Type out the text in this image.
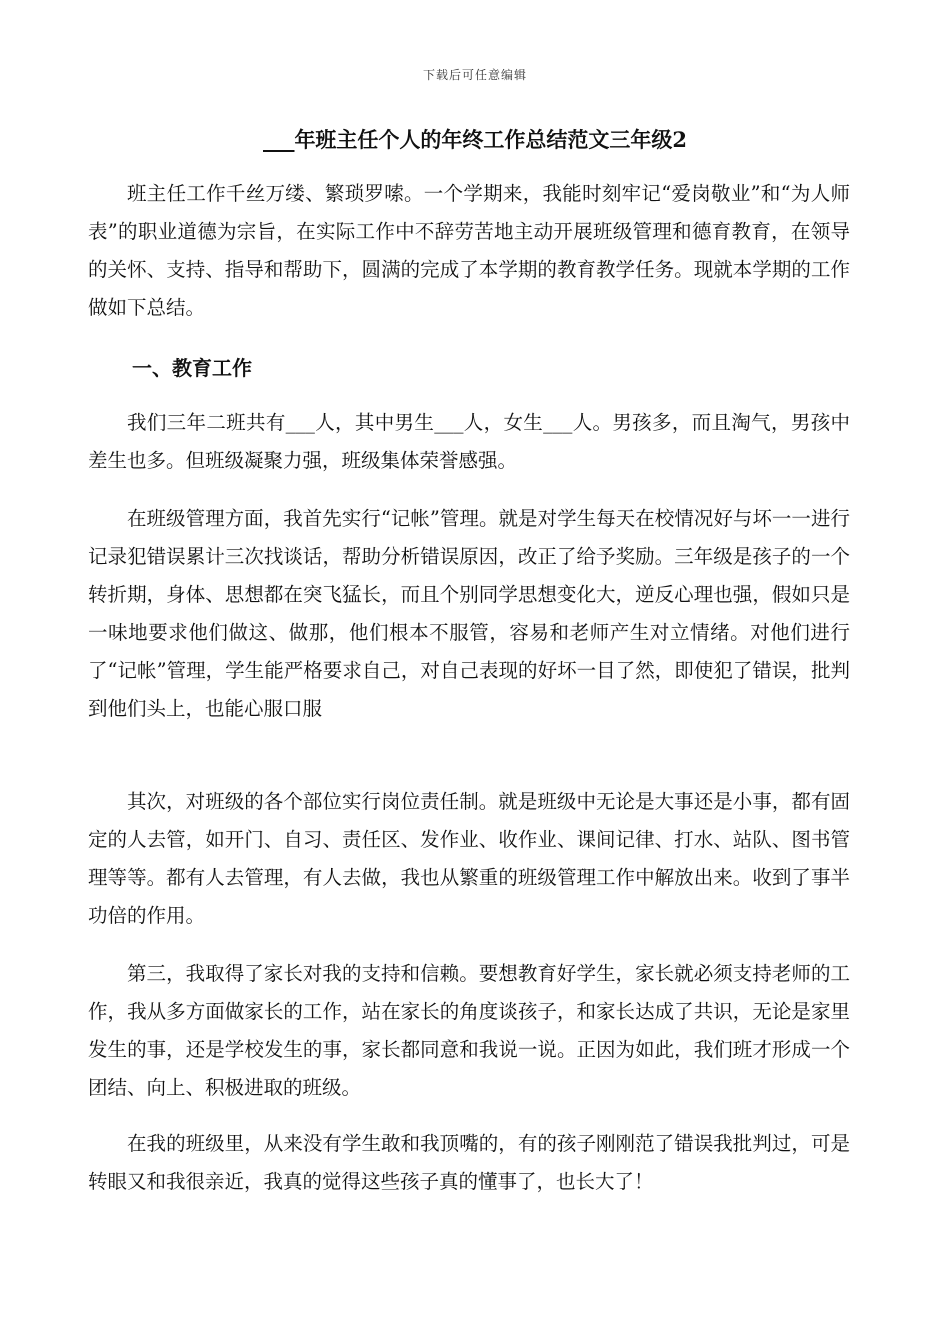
下载后可任意编辑
___年班主任个人的年终工作总结范文三年级2

班主任工作千丝万缕、繁琐罗嗦。一个学期来，我能时刻牢记“爱岗敬业”和“为人师表”的职业道德为宗旨，在实际工作中不辞劳苦地主动开展班级管理和德育教育，在领导的关怀、支持、指导和帮助下，圆满的完成了本学期的教育教学任务。现就本学期的工作做如下总结。

一、教育工作

我们三年二班共有___人，其中男生___人，女生___人。男孩多，而且淘气，男孩中差生也多。但班级凝聚力强，班级集体荣誉感强。

在班级管理方面，我首先实行“记帐”管理。就是对学生每天在校情况好与坏一一进行记录犯错误累计三次找谈话，帮助分析错误原因，改正了给予奖励。三年级是孩子的一个转折期，身体、思想都在突飞猛长，而且个别同学思想变化大，逆反心理也强，假如只是一味地要求他们做这、做那，他们根本不服管，容易和老师产生对立情绪。对他们进行了“记帐”管理，学生能严格要求自己，对自己表现的好坏一目了然，即使犯了错误，批判到他们头上，也能心服口服

其次，对班级的各个部位实行岗位责任制。就是班级中无论是大事还是小事，都有固定的人去管，如开门、自习、责任区、发作业、收作业、课间记律、打水、站队、图书管理等等。都有人去管理，有人去做，我也从繁重的班级管理工作中解放出来。收到了事半功倍的作用。

第三，我取得了家长对我的支持和信赖。要想教育好学生，家长就必须支持老师的工作，我从多方面做家长的工作，站在家长的角度谈孩子，和家长达成了共识，无论是家里发生的事，还是学校发生的事，家长都同意和我说一说。正因为如此，我们班才形成一个团结、向上、积极进取的班级。

在我的班级里，从来没有学生敢和我顶嘴的，有的孩子刚刚范了错误我批判过，可是转眼又和我很亲近，我真的觉得这些孩子真的懂事了，也长大了！
